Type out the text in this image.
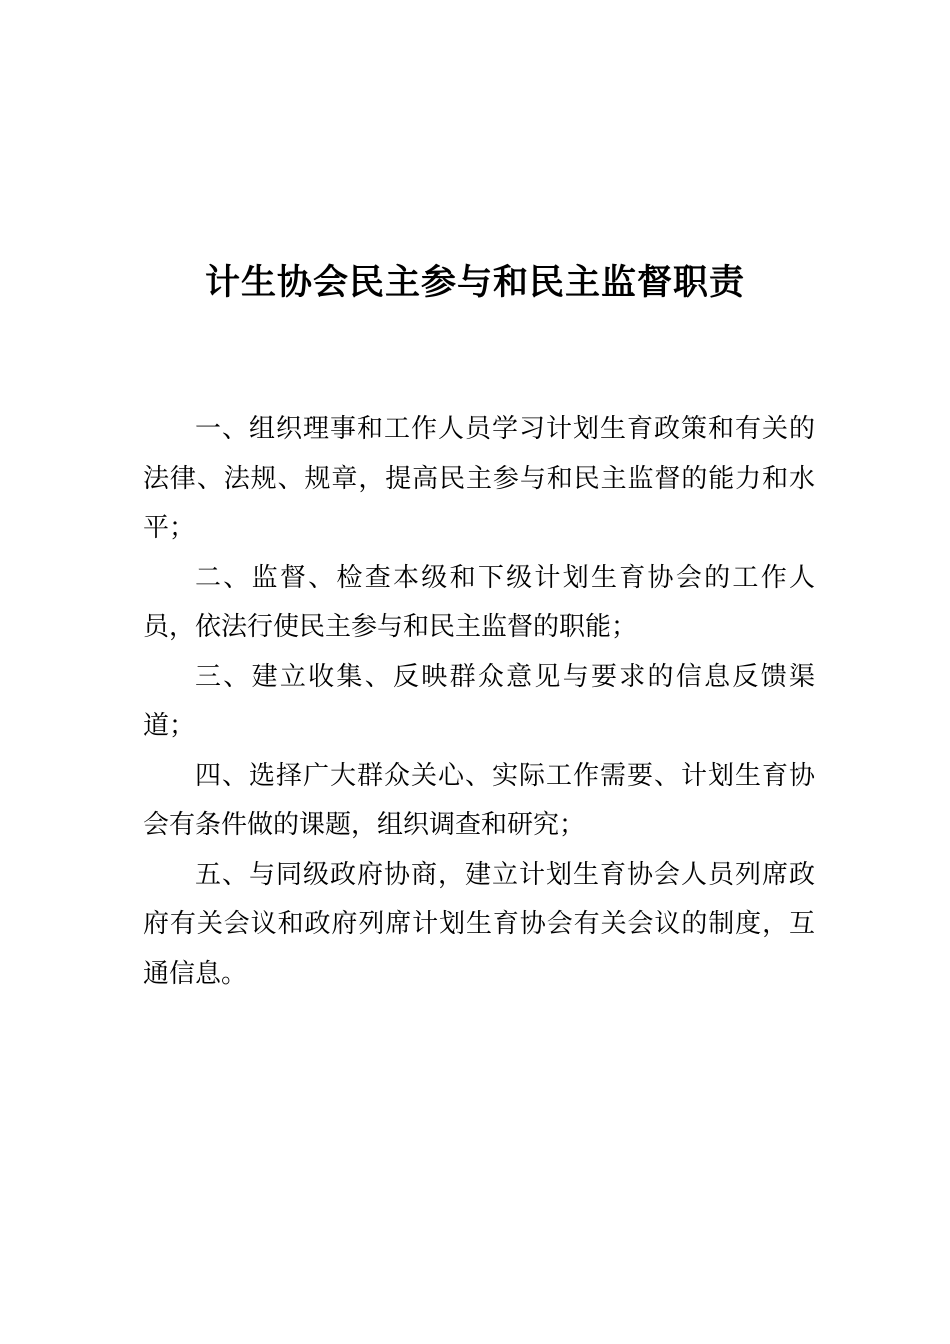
计生协会民主参与和民主监督职责

一、组织理事和工作人员学习计划生育政策和有关的法律、法规、规章，提高民主参与和民主监督的能力和水平；

二、监督、检查本级和下级计划生育协会的工作人员，依法行使民主参与和民主监督的职能；

三、建立收集、反映群众意见与要求的信息反馈渠道；

四、选择广大群众关心、实际工作需要、计划生育协会有条件做的课题，组织调查和研究；

五、与同级政府协商，建立计划生育协会人员列席政府有关会议和政府列席计划生育协会有关会议的制度，互通信息。
